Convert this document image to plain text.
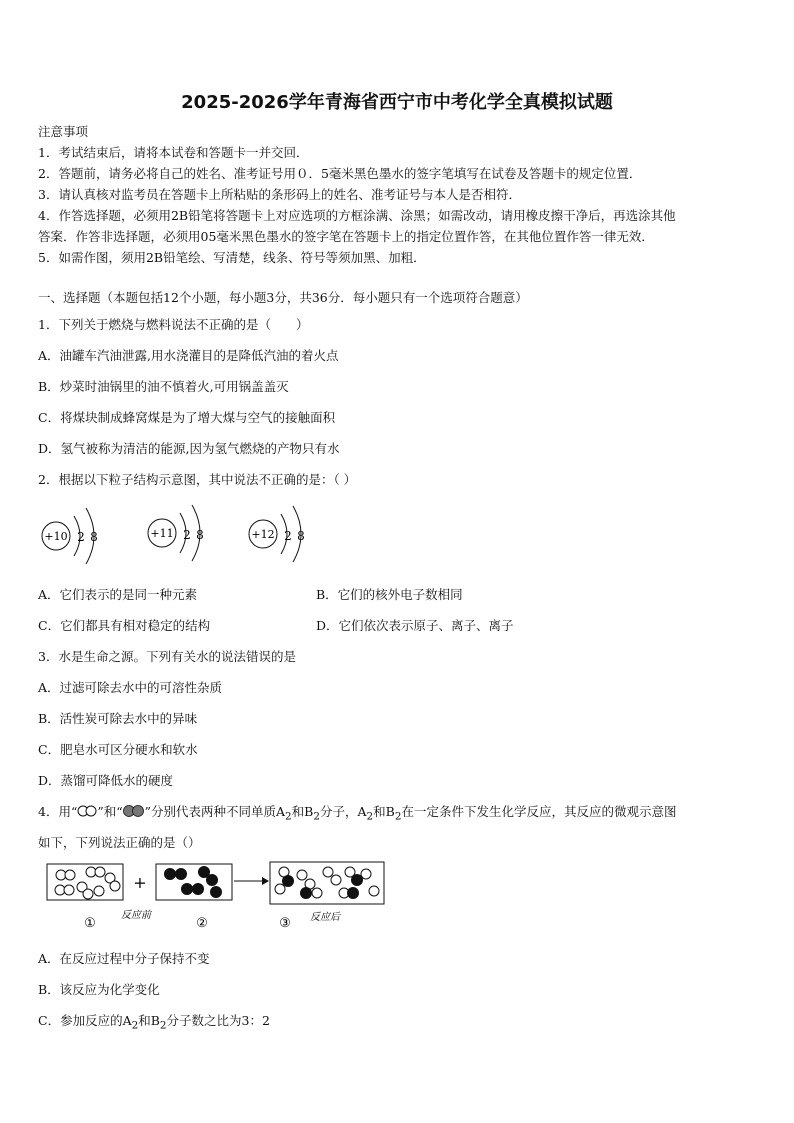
2025-2026学年青海省西宁市中考化学全真模拟试题
注意事项
1．考试结束后，请将本试卷和答题卡一并交回．
2．答题前，请务必将自己的姓名、准考证号用０．5毫米黑色墨水的签字笔填写在试卷及答题卡的规定位置．
3．请认真核对监考员在答题卡上所粘贴的条形码上的姓名、准考证号与本人是否相符．
4．作答选择题，必须用2B铅笔将答题卡上对应选项的方框涂满、涂黑；如需改动，请用橡皮擦干净后，再选涂其他
答案．作答非选择题，必须用05毫米黑色墨水的签字笔在答题卡上的指定位置作答，在其他位置作答一律无效．
5．如需作图，须用2B铅笔绘、写清楚，线条、符号等须加黑、加粗．
一、选择题（本题包括12个小题，每小题3分，共36分．每小题只有一个选项符合题意）
1．下列关于燃烧与燃料说法不正确的是（　　）
A．油罐车汽油泄露,用水浇灌目的是降低汽油的着火点
B．炒菜时油锅里的油不慎着火,可用锅盖盖灭
C．将煤块制成蜂窝煤是为了增大煤与空气的接触面积
D．氢气被称为清洁的能源,因为氢气燃烧的产物只有水
2．根据以下粒子结构示意图，其中说法不正确的是：（ ）
+10 2 8	+11 2 8	+12 2 8
A．它们表示的是同一种元素	B．它们的核外电子数相同
C．它们都具有相对稳定的结构	D．它们依次表示原子、离子、离子
3．水是生命之源。下列有关水的说法错误的是
A．过滤可除去水中的可溶性杂质
B．活性炭可除去水中的异味
C．肥皂水可区分硬水和软水
D．蒸馏可降低水的硬度
4．用“ ”和“ ”分别代表两种不同单质$A_2$和$B_2$分子，$A_2$和$B_2$在一定条件下发生化学反应，其反应的微观示意图
如下，下列说法正确的是（）
+
①
反应前
②	③ 反应后
A．在反应过程中分子保持不变
B．该反应为化学变化
C．参加反应的$A_2$和$B_2$分子数之比为3：2
